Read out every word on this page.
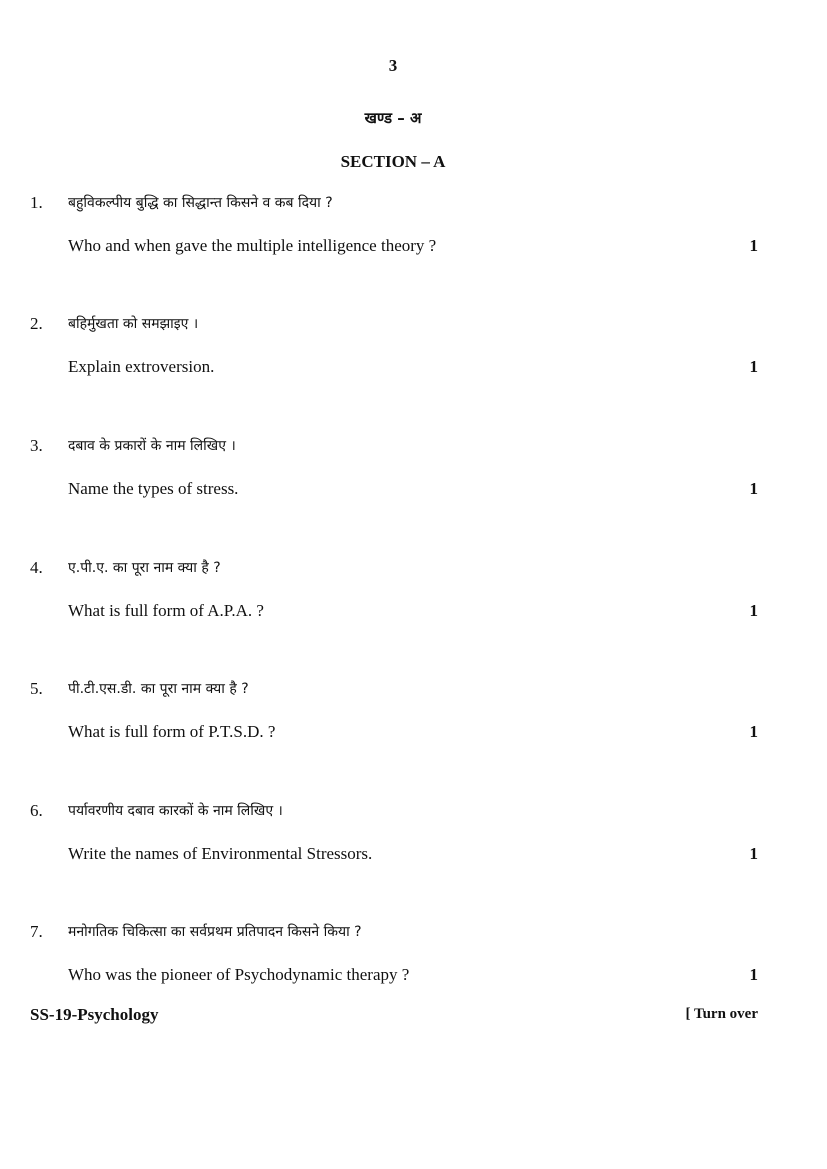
3
खण्ड – अ
SECTION – A
1. बहुविकल्पीय बुद्धि का सिद्धान्त किसने व कब दिया ?
Who and when gave the multiple intelligence theory ?	1
2. बहिर्मुखता को समझाइए ।
Explain extroversion.	1
3. दबाव के प्रकारों के नाम लिखिए ।
Name the types of stress.	1
4. ए.पी.ए. का पूरा नाम क्या है ?
What is full form of A.P.A. ?	1
5. पी.टी.एस.डी. का पूरा नाम क्या है ?
What is full form of P.T.S.D. ?	1
6. पर्यावरणीय दबाव कारकों के नाम लिखिए ।
Write the names of Environmental Stressors.	1
7. मनोगतिक चिकित्सा का सर्वप्रथम प्रतिपादन किसने किया ?
Who was the pioneer of Psychodynamic therapy ?	1
SS-19-Psychology	[ Turn over
